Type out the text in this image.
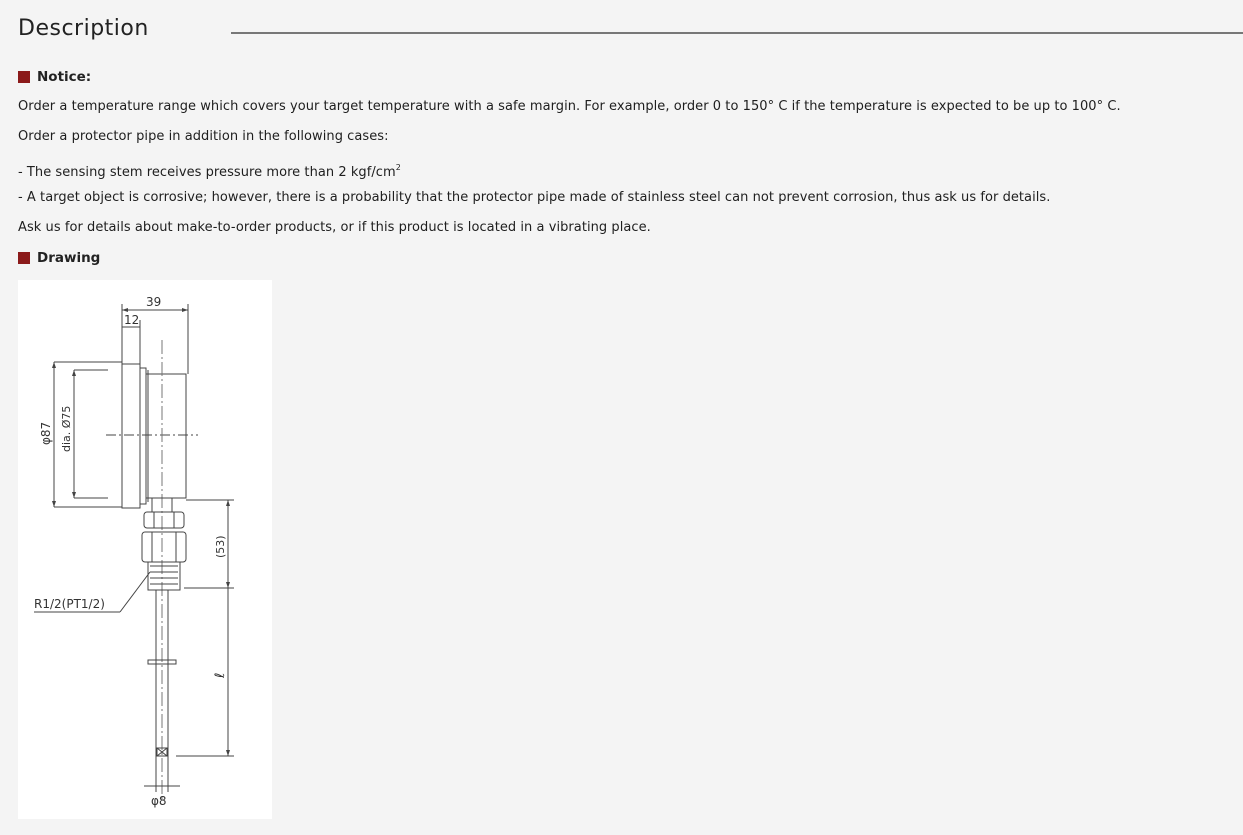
Description
Notice:
Order a temperature range which covers your target temperature with a safe margin. For example, order 0 to 150° C if the temperature is expected to be up to 100° C.
Order a protector pipe in addition in the following cases:
- The sensing stem receives pressure more than 2 kgf/$cm^2$
- A target object is corrosive; however, there is a probability that the protector pipe made of stainless steel can not prevent corrosion, thus ask us for details.
Ask us for details about make-to-order products, or if this product is located in a vibrating place.
Drawing
39
12
φ87 dia. Ø75
(53)
R1/2(PT1/2)
ℓ
φ8
